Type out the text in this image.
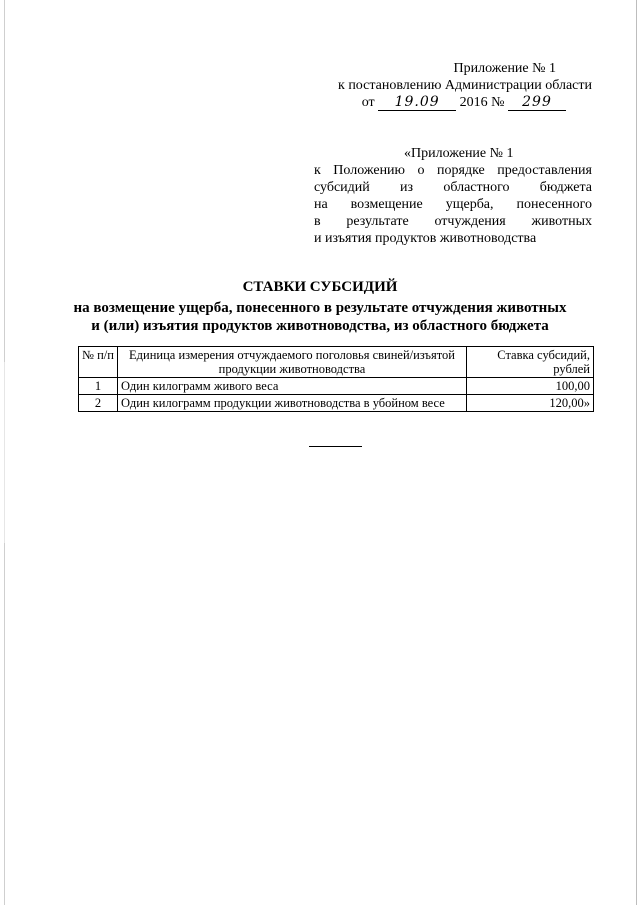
Приложение № 1
к постановлению Администрации области
от 19.09 2016 № 299
«Приложение № 1
к Положению о порядке предоставления
субсидий из областного бюджета
на возмещение ущерба, понесенного
в результате отчуждения животных
и изъятия продуктов животноводства
СТАВКИ СУБСИДИЙ
на возмещение ущерба, понесенного в результате отчуждения животных
и (или) изъятия продуктов животноводства, из областного бюджета
№ п/п	Единица измерения отчуждаемого поголовья свиней/изъятой продукции животноводства	Ставка субсидий, рублей
1	Один килограмм живого веса	100,00
2	Один килограмм продукции животноводства в убойном весе	120,00»
